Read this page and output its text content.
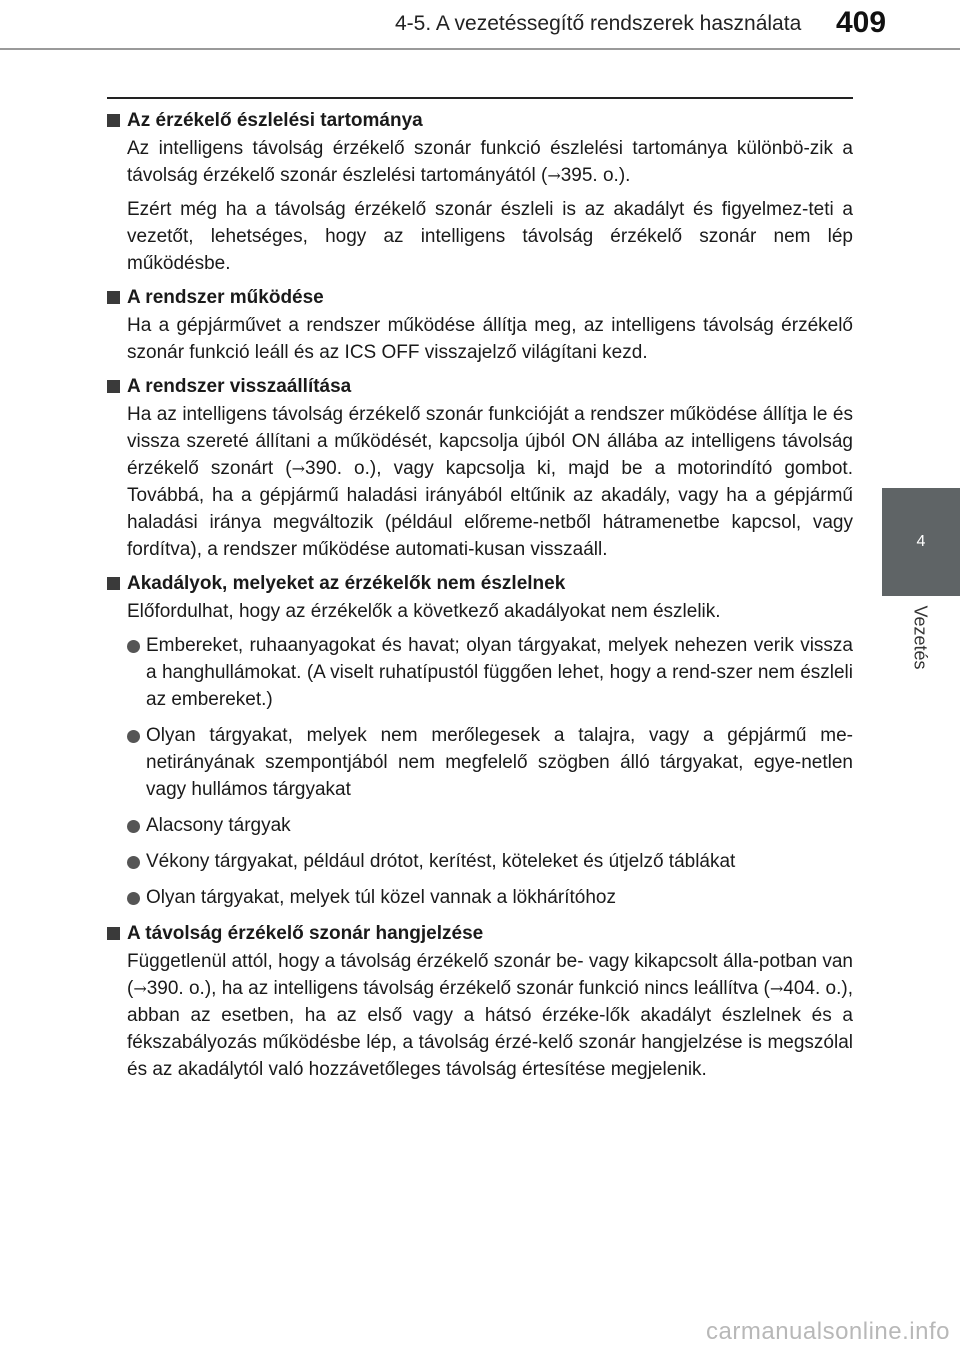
4-5. A vezetéssegítő rendszerek használata 409
4
Vezetés
Az érzékelő észlelési tartománya

Az intelligens távolság érzékelő szonár funkció észlelési tartománya különbö-zik a távolság érzékelő szonár észlelési tartományától (→395. o.).

Ezért még ha a távolság érzékelő szonár észleli is az akadályt és figyelmez-teti a vezetőt, lehetséges, hogy az intelligens távolság érzékelő szonár nem lép működésbe.

A rendszer működése

Ha a gépjárművet a rendszer működése állítja meg, az intelligens távolság érzékelő szonár funkció leáll és az ICS OFF visszajelző világítani kezd.

A rendszer visszaállítása

Ha az intelligens távolság érzékelő szonár funkcióját a rendszer működése állítja le és vissza szereté állítani a működését, kapcsolja újból ON állába az intelligens távolság érzékelő szonárt (→390. o.), vagy kapcsolja ki, majd be a motorindító gombot. Továbbá, ha a gépjármű haladási irányából eltűnik az akadály, vagy ha a gépjármű haladási iránya megváltozik (például előreme-netből hátramenetbe kapcsol, vagy fordítva), a rendszer működése automati-kusan visszaáll.

Akadályok, melyeket az érzékelők nem észlelnek

Előfordulhat, hogy az érzékelők a következő akadályokat nem észlelik.

Embereket, ruhaanyagokat és havat; olyan tárgyakat, melyek nehezen verik vissza a hanghullámokat. (A viselt ruhatípustól függően lehet, hogy a rend-szer nem észleli az embereket.)
Olyan tárgyakat, melyek nem merőlegesek a talajra, vagy a gépjármű me-netirányának szempontjából nem megfelelő szögben álló tárgyakat, egye-netlen vagy hullámos tárgyakat
Alacsony tárgyak
Vékony tárgyakat, például drótot, kerítést, köteleket és útjelző táblákat
Olyan tárgyakat, melyek túl közel vannak a lökhárítóhoz
A távolság érzékelő szonár hangjelzése

Függetlenül attól, hogy a távolság érzékelő szonár be- vagy kikapcsolt álla-potban van (→390. o.), ha az intelligens távolság érzékelő szonár funkció nincs leállítva (→404. o.), abban az esetben, ha az első vagy a hátsó érzéke-lők akadályt észlelnek és a fékszabályozás működésbe lép, a távolság érzé-kelő szonár hangjelzése is megszólal és az akadálytól való hozzávetőleges távolság értesítése megjelenik.

carmanualsonline.info
